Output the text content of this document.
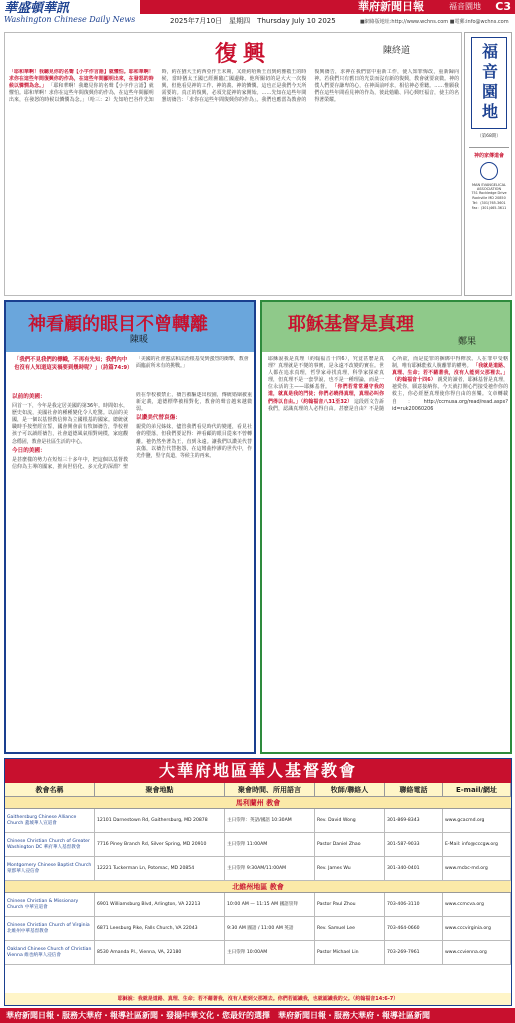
華盛頓華訊
Washington Chinese Daily News
華府新聞日報	福音園地 C3
2025年7月10日　星期四　Thursday July 10 2025	■網絡版地址:http://www.wchns.com ■電郵:info@wchns.com
復興	陳終道
「耶和華啊！我聽見你的名聲【小字作言語】就懼怕。耶和華啊！求你在這些年間復興你的作為，在這些年間顯明出來，在發怒的時候以憐憫為念。」 「耶和華啊！我聽見你的名聲【小字作言語】就懼怕。耶和華啊！求你在這些年間復興你的作為，在這些年間顯明出來，在發怒的時候以憐憫為念。」（哈三：2）先知哈巴谷作先知時，約在猶大王約西亞作王末期，又經約哈斯王直到約雅敬王的時候，當時猶太王國已經瀕臨亡國邊緣。他所關切的是大大一次復興，但他看見神的工作、神的義、神的憐憫。這也正是我們今天所需要的。真正的復興，必須先從神的家開始。……先知在這些年間懇切禱告：「求你在這些年間復興你的作為」。我們也應當為教會的復興禱告，求神在我們當中重新工作，使人知罪悔改，重新歸向神。若我們只有舊日的光景而沒有新的復興，教會就要衰微。神的僕人們要存謙卑的心，在神面前呼求，相信神必垂聽。……惟願我們在這些年間看見神的作為，彼此勉勵、同心興旺福音，使主的名得著榮耀。	福音園地
（第68期）
神的家傳道會
MAN EVANGELICAL ASSOCIATION
751 Rockledge Drive Rockville MD 20850 Tel：(301)765-3601 Fax：(301)465-3611
神看顧的眼目不曾轉離
陳暖
「我們不見我們的標幟，不再有先知；我們內中也沒有人知道這災禍要到幾時呢？」（詩篇74:9）
「美國的社會憲法和法治根基受到強烈的衝擊，教會面臨前所未有的挑戰。」
以前的美國：
回首一下，今年是我定居美國的第36年。時間如水，歷史如流，美國社會的種種變化令人吃驚。以前的美國，是一個以基督教信仰為立國根基的國家。總統就職時手按聖經宣誓，國會開會前有牧師禱告，學校裡孩子可以讀經禱告，社會道德風氣相對純樸，家庭觀念穩固，教會是社區生活的中心。
今日的美國：
是甚麼樣的勢力在短短三十多年中，把這個以基督教信仰為主導的國家，推向世俗化、多元化的深淵？聖經在學校被禁止，禱告被驅逐出校園，傳統婚姻被重新定義，道德標準被相對化，教會的聲音越來越微弱。
以讚美代替哀傷：
親愛的弟兄姊妹，儘管我們看見時代的變遷，看見社會的墮落，但我們要記得：神看顧的眼目從來不曾轉離。祂仍然坐著為王，直到永遠。讓我們以讚美代替哀傷，以禱告代替抱怨，在這彎曲悖謬的世代中，作光作鹽，堅守真道，等候主的再來。
耶穌基督是真理
鄭果
耶穌說我是真理（約翰福音十四6），究竟甚麼是真理？真理就是不變的事實，是永遠不改變的實在。世人都在追求真理，哲學家尋找真理，科學家探索真理，但真理不是一套學說，也不是一種理論，而是一位永活的主——耶穌基督。 「你們若常常遵守我的道，就真是我的門徒；你們必曉得真理，真理必叫你們得以自由。」（約翰福音八31至32） 這段經文告訴我們，認識真理的人必得自由。甚麼是自由？不是隨心所欲，而是從罪的捆綁中得釋放。人在罪中受轄制，唯有耶穌能救人脫離罪的權勢。 「我就是道路、真理、生命；若不藉著我，沒有人能到父那裡去。」（約翰福音十四6） 親愛的讀者，耶穌基督是真理，祂愛你，願意接納你。今天就打開心門接受祂作你的救主，你必經歷真理使你得自由的喜樂。文章轉載自：http://ccmusa.org/read/read.aspx?id=ruk20060206
大華府地區華人基督教會
教會名稱	聚會地點	聚會時間、所用語言	牧師/聯絡人	聯絡電話	E-mail/網址
馬利蘭州 教會
Gaithersburg Chinese Alliance Church 蓋城華人宣道會
12101 Darnestown Rd, Gaithersburg, MD 20878	主日崇拜：英語/國語 10:30AM	Rev. David Wong	301-869-8343	www.gcacmd.org
Chinese Christian Church of Greater Washington DC 華府華人基督教會
7716 Piney Branch Rd, Silver Spring, MD 20910	主日崇拜 11:00AM	Pastor Daniel Zhao	301-587-9033	E-Mail: info@cccgw.org
Montgomery Chinese Baptist Church 蒙郡華人浸信會
12221 Tuckerman Ln, Potomac, MD 20854	主日崇拜 9:30AM/11:00AM	Rev. James Wu	301-340-0401	www.mcbc-md.org
北維州地區 教會
Chinese Christian & Missionary Church 中華宣道會
6901 Williamsburg Blvd, Arlington, VA 22213	10:00 AM — 11:15 AM 國語崇拜	Pastor Paul Zhou	703-406-3110	www.ccmcva.org
Chinese Christian Church of Virginia 北維州中華基督教會
6871 Leesburg Pike, Falls Church, VA 22043	9:30 AM 國語 / 11:00 AM 英語	Rev. Samuel Lee	703-464-0660	www.cccvirginia.org
Oakland Chinese Church of Christian Vienna 維也納華人浸信會
8530 Amanda Pl., Vienna, VA, 22180	主日崇拜 10:00AM	Pastor Michael Lin	703-269-7961	www.ccvienna.org
耶穌說：我就是道路、真理、生命；若不藉著我，沒有人能到父那裡去。你們若認識我，也就認識我的父。（約翰福音14:6-7）
華府新聞日報・服務大華府・報導社區新聞・發揚中華文化・您最好的選擇　華府新聞日報・服務大華府・報導社區新聞
